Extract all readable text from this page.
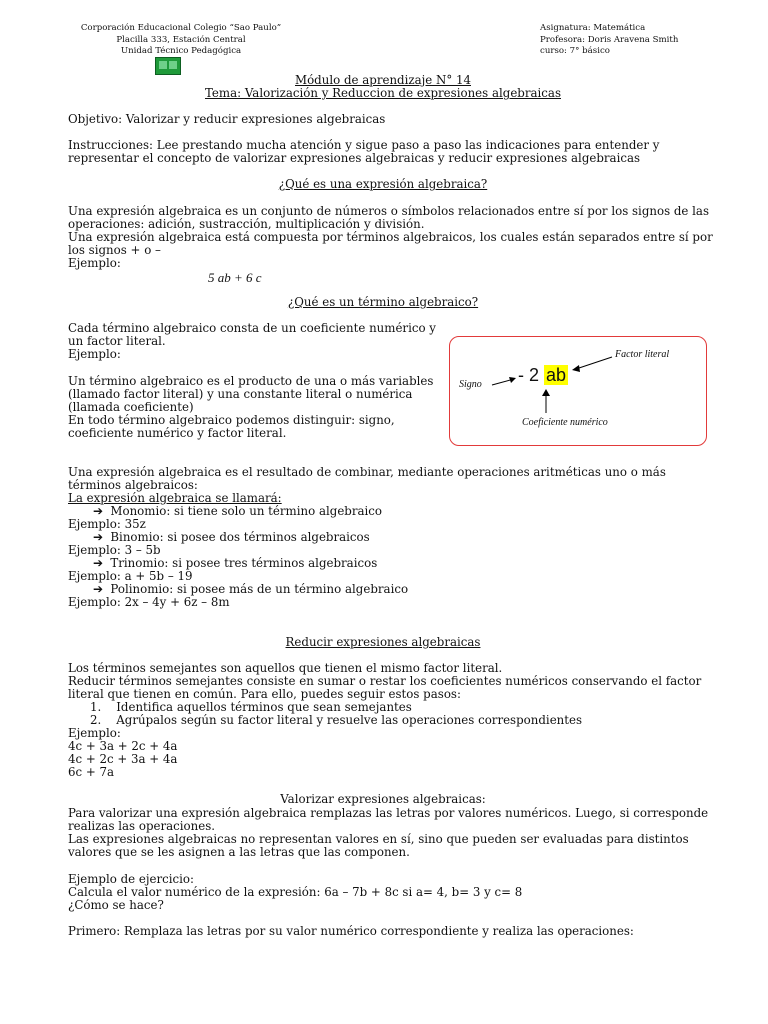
Corporación Educacional Colegio “Sao Paulo”
Placilla 333, Estación Central
Unidad Técnico Pedagógica
Asignatura: Matemática
Profesora: Doris Aravena Smith
curso: 7° básico
Módulo de aprendizaje N° 14
Tema: Valorización y Reduccion de expresiones algebraicas
Objetivo: Valorizar y reducir expresiones algebraicas
Instrucciones: Lee prestando mucha atención y sigue paso a paso las indicaciones para entender y
representar el concepto de valorizar expresiones algebraicas y reducir expresiones algebraicas
¿Qué es una expresión algebraica?
Una expresión algebraica es un conjunto de números o símbolos relacionados entre sí por los signos de las
operaciones: adición, sustracción, multiplicación y división.
Una expresión algebraica está compuesta por términos algebraicos, los cuales están separados entre sí por
los signos + o –
Ejemplo:
5 ab + 6 c
¿Qué es un término algebraico?
Cada término algebraico consta de un coeficiente numérico y
un factor literal.
Ejemplo:
Un término algebraico es el producto de una o más variables
(llamado factor literal) y una constante literal o numérica
(llamada coeficiente)
En todo término algebraico podemos distinguir: signo,
coeficiente numérico y factor literal.
Signo - 2 ab
Factor literal
Coeficiente numérico
Una expresión algebraica es el resultado de combinar, mediante operaciones aritméticas uno o más
términos algebraicos:
La expresión algebraica se llamará:
➔  Monomio: si tiene solo un término algebraico
Ejemplo: 35z
➔  Binomio: si posee dos términos algebraicos
Ejemplo: 3 – 5b
➔  Trinomio: si posee tres términos algebraicos
Ejemplo: a + 5b – 19
➔  Polinomio: si posee más de un término algebraico
Ejemplo: 2x – 4y + 6z – 8m
Reducir expresiones algebraicas
Los términos semejantes son aquellos que tienen el mismo factor literal.
Reducir términos semejantes consiste en sumar o restar los coeficientes numéricos conservando el factor
literal que tienen en común. Para ello, puedes seguir estos pasos:
1. Identifica aquellos términos que sean semejantes
2. Agrúpalos según su factor literal y resuelve las operaciones correspondientes
Ejemplo:
4c + 3a + 2c + 4a
4c + 2c + 3a + 4a
6c + 7a
Valorizar expresiones algebraicas:
Para valorizar una expresión algebraica remplazas las letras por valores numéricos. Luego, si corresponde
realizas las operaciones.
Las expresiones algebraicas no representan valores en sí, sino que pueden ser evaluadas para distintos
valores que se les asignen a las letras que las componen.
Ejemplo de ejercicio:
Calcula el valor numérico de la expresión: 6a – 7b + 8c si a= 4, b= 3 y c= 8
¿Cómo se hace?
Primero: Remplaza las letras por su valor numérico correspondiente y realiza las operaciones:
